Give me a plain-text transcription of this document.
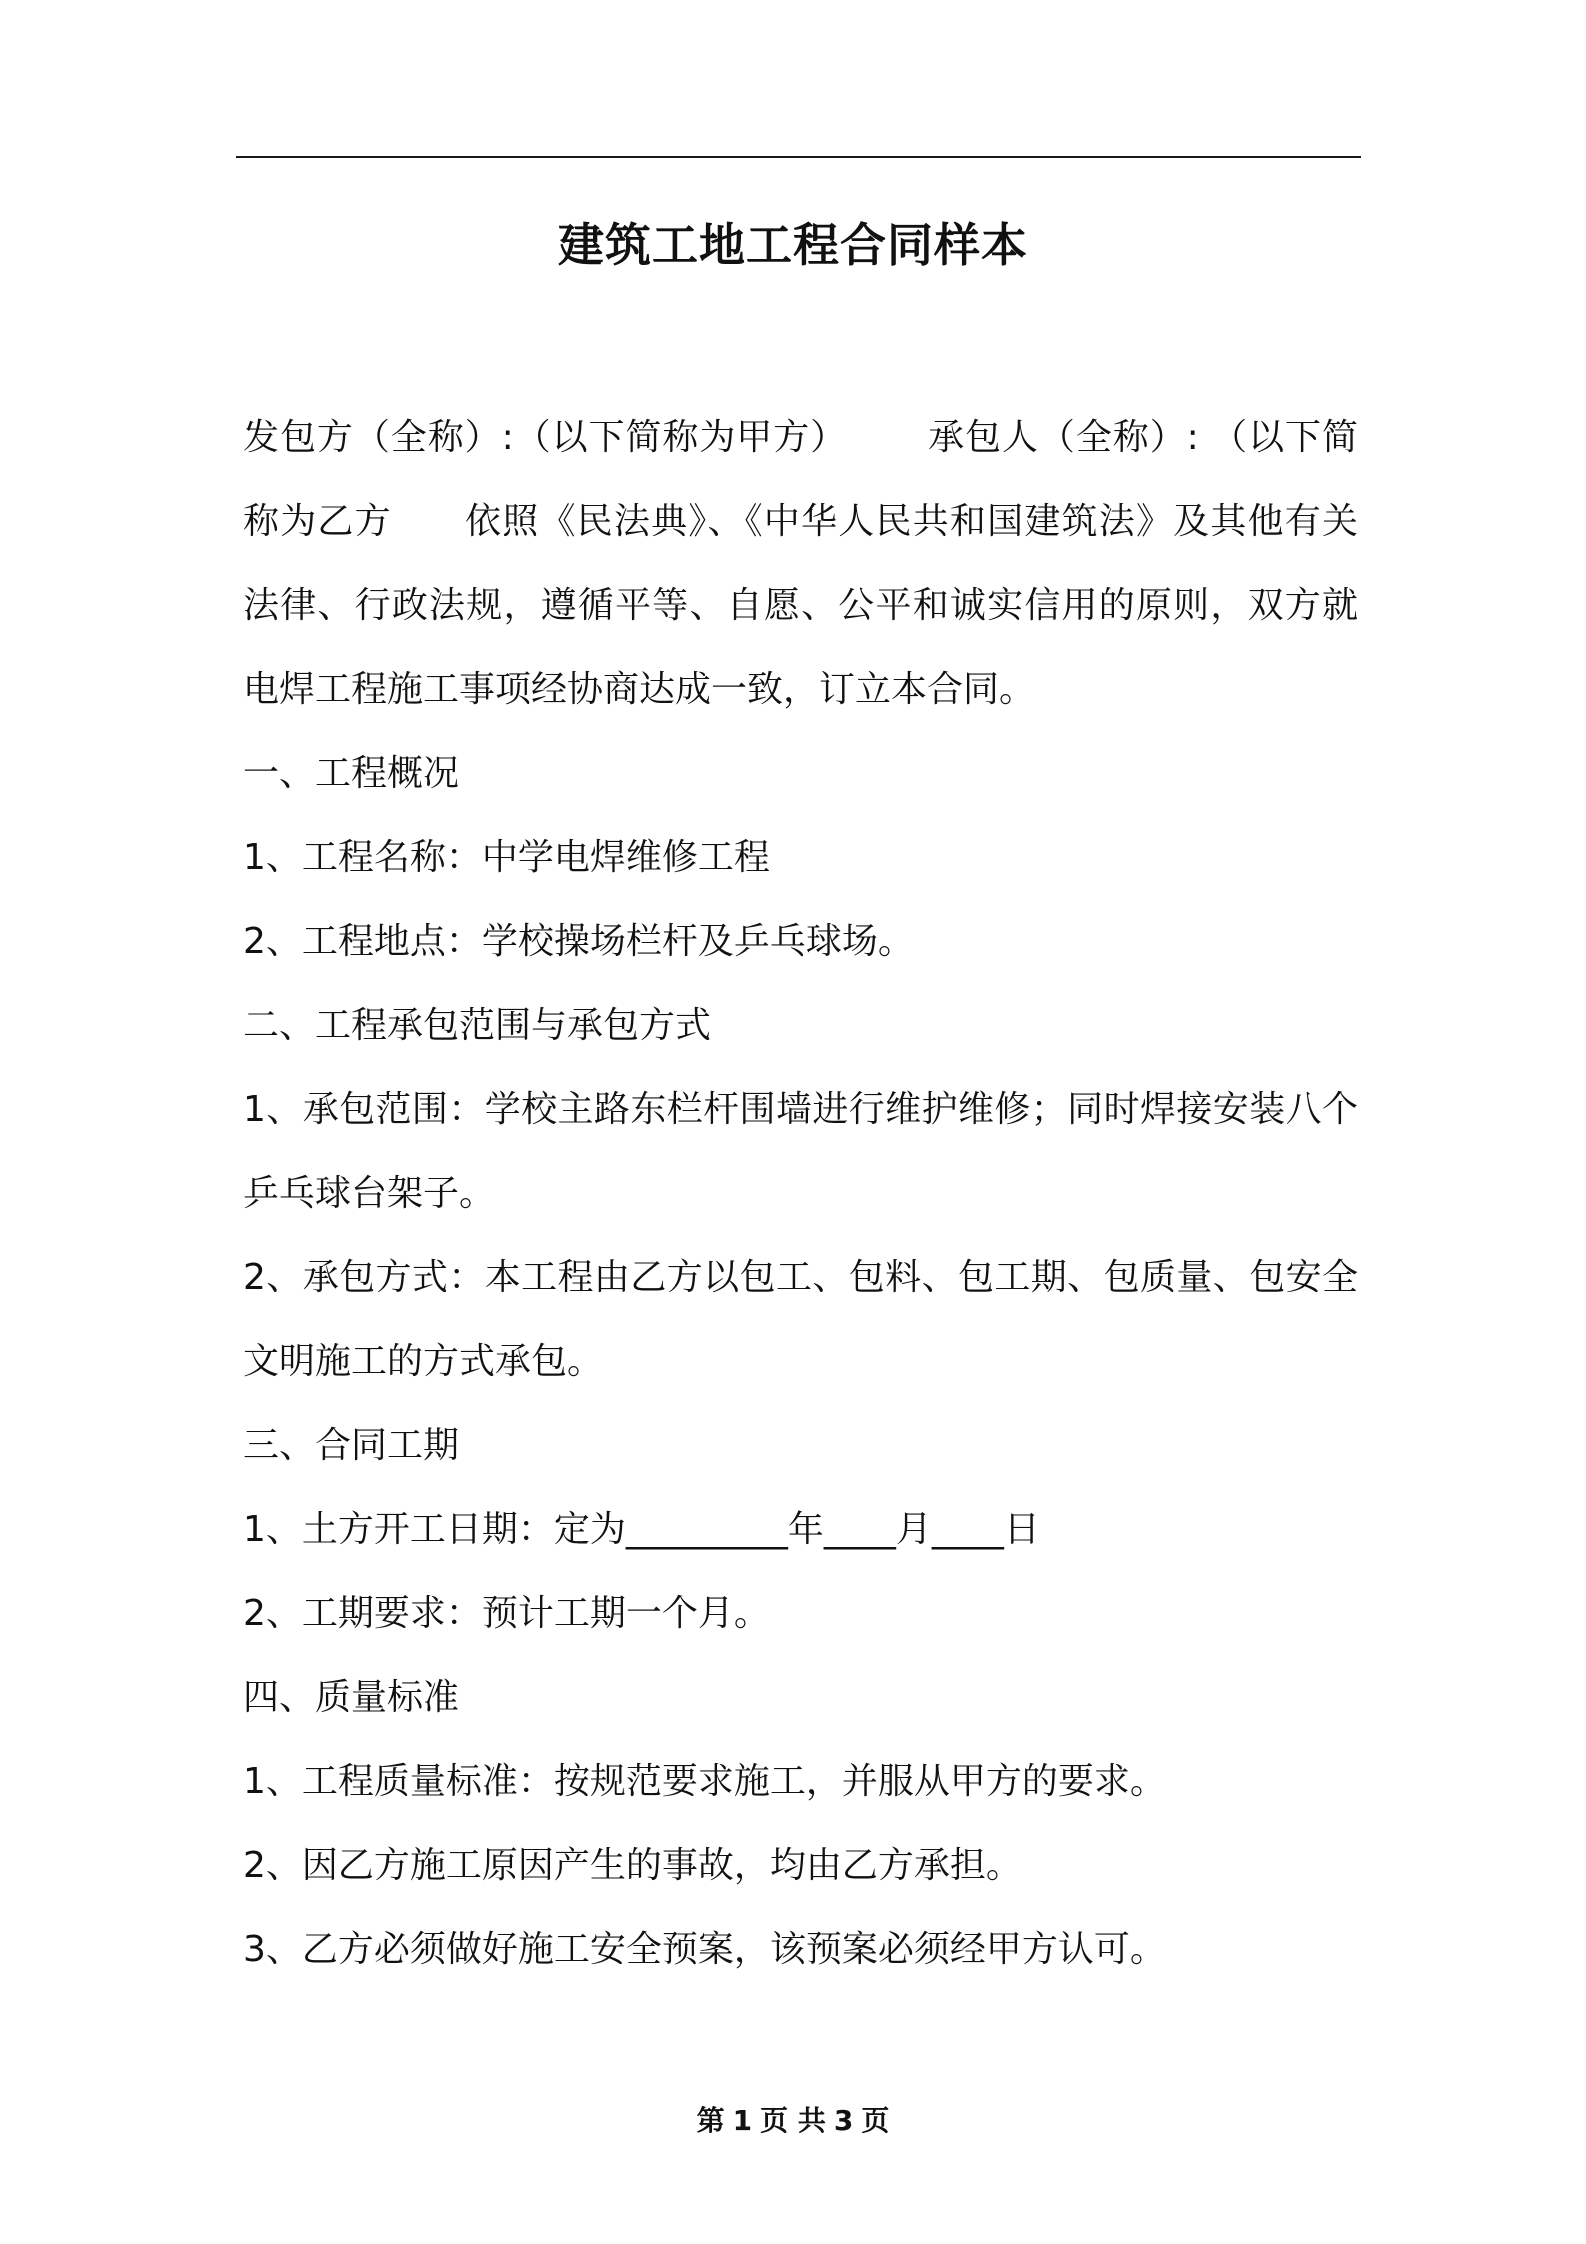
建筑工地工程合同样本

发包方（全称）:（以下简称为甲方） 承包人（全称）: （以下简称为乙方 依照《民法典》、《中华人民共和国建筑法》及其他有关法律、行政法规，遵循平等、自愿、公平和诚实信用的原则，双方就电焊工程施工事项经协商达成一致，订立本合同。

一、工程概况

1、工程名称：中学电焊维修工程

2、工程地点：学校操场栏杆及乒乓球场。

二、工程承包范围与承包方式

1、承包范围：学校主路东栏杆围墙进行维护维修；同时焊接安装八个乒乓球台架子。

2、承包方式：本工程由乙方以包工、包料、包工期、包质量、包安全文明施工的方式承包。

三、合同工期

1、土方开工日期：定为_________年____月____日

2、工期要求：预计工期一个月。

四、质量标准

1、工程质量标准：按规范要求施工，并服从甲方的要求。

2、因乙方施工原因产生的事故，均由乙方承担。

3、乙方必须做好施工安全预案，该预案必须经甲方认可。

第 1 页 共 3 页
